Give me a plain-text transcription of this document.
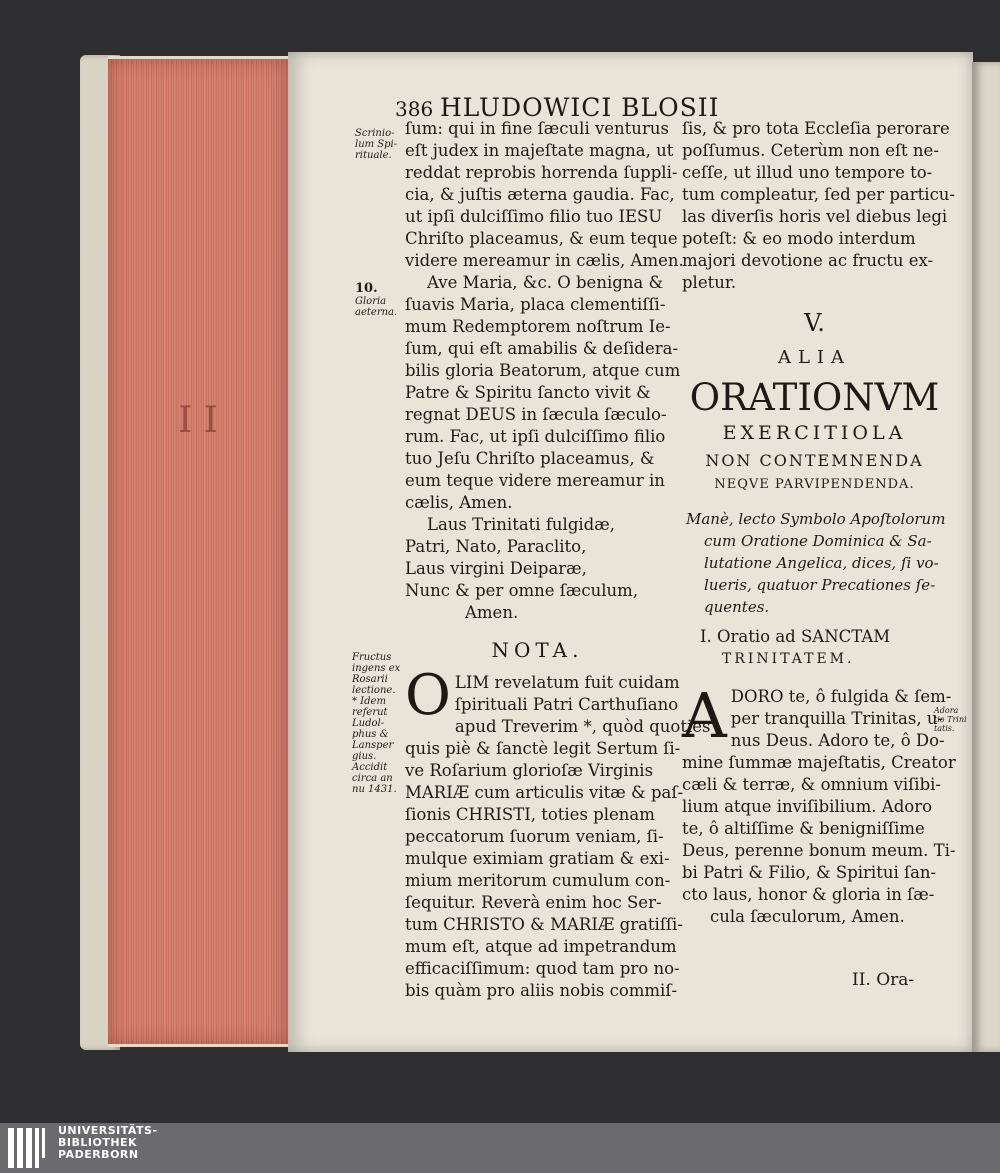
386 HLUDOWICI BLOSII
Scrinio-
lum Spi-
rituale.
10.
Gloria
aeterna.
Fructus
ingens ex
Rosarii
lectione.
* Idem
referut
Ludol-
phus &
Lansper
gius.
Accidit
circa an
nu 1431.
ſum: qui in fine ſæculi venturus
eſt judex in majeſtate magna, ut
reddat reprobis horrenda ſuppli-
cia, & juſtis æterna gaudia. Fac,
ut ipſi dulciſſimo filio tuo IESU
Chriſto placeamus, & eum teque
videre mereamur in cælis, Amen.
Ave Maria, &c. O benigna &
ſuavis Maria, placa clementiſſi-
mum Redemptorem noſtrum Ie-
ſum, qui eſt amabilis & deſidera-
bilis gloria Beatorum, atque cum
Patre & Spiritu ſancto vivit &
regnat DEUS in ſæcula ſæculo-
rum. Fac, ut ipſi dulciſſimo filio
tuo Jeſu Chriſto placeamus, &
eum teque videre mereamur in
cælis, Amen.
Laus Trinitati fulgidæ,
Patri, Nato, Paraclito,
Laus virgini Deiparæ,
Nunc & per omne ſæculum,
Amen.
NOTA.
O LIM revelatum fuit cuidam
ſpirituali Patri Carthuſiano
apud Treverim *, quòd quoties
quis piè & ſanctè legit Sertum ſi-
ve Roſarium glorioſæ Virginis
MARIÆ cum articulis vitæ & paſ-
ſionis CHRISTI, toties plenam
peccatorum ſuorum veniam, ſi-
mulque eximiam gratiam & exi-
mium meritorum cumulum con-
ſequitur. Reverà enim hoc Ser-
tum CHRISTO & MARIÆ gratiſſi-
mum eſt, atque ad impetrandum
efficaciſſimum: quod tam pro no-
bis quàm pro aliis nobis commiſ-
ſis, & pro tota Eccleſia perorare
poſſumus. Ceterùm non eſt ne-
ceſſe, ut illud uno tempore to-
tum compleatur, ſed per particu-
las diverſis horis vel diebus legi
poteſt: & eo modo interdum
majori devotione ac fructu ex-
pletur.
V.
ALIA
ORATIONVM
EXERCITIOLA
NON CONTEMNENDA
NEQVE PARVIPENDENDA.
Manè, lecto Symbolo Apoſtolorum
cum Oratione Dominica & Sa-
lutatione Angelica, dices, ſi vo-
lueris, quatuor Precationes ſe-
quentes.
I. Oratio ad SANCTAM
TRINITATEM.
A DORO te, ô fulgida & ſem-
per tranquilla Trinitas, u-
nus Deus. Adoro te, ô Do-
mine ſummæ majeſtatis, Creator
cæli & terræ, & omnium viſibi-
lium atque inviſibilium. Adoro
te, ô altiſſime & benigniſſime
Deus, perenne bonum meum. Ti-
bi Patri & Filio, & Spiritui ſan-
cto laus, honor & gloria in ſæ-
cula ſæculorum, Amen.
Adora
tio Trini
tatis.
II. Ora-
I I
UNIVERSITÄTS-
BIBLIOTHEK
PADERBORN
